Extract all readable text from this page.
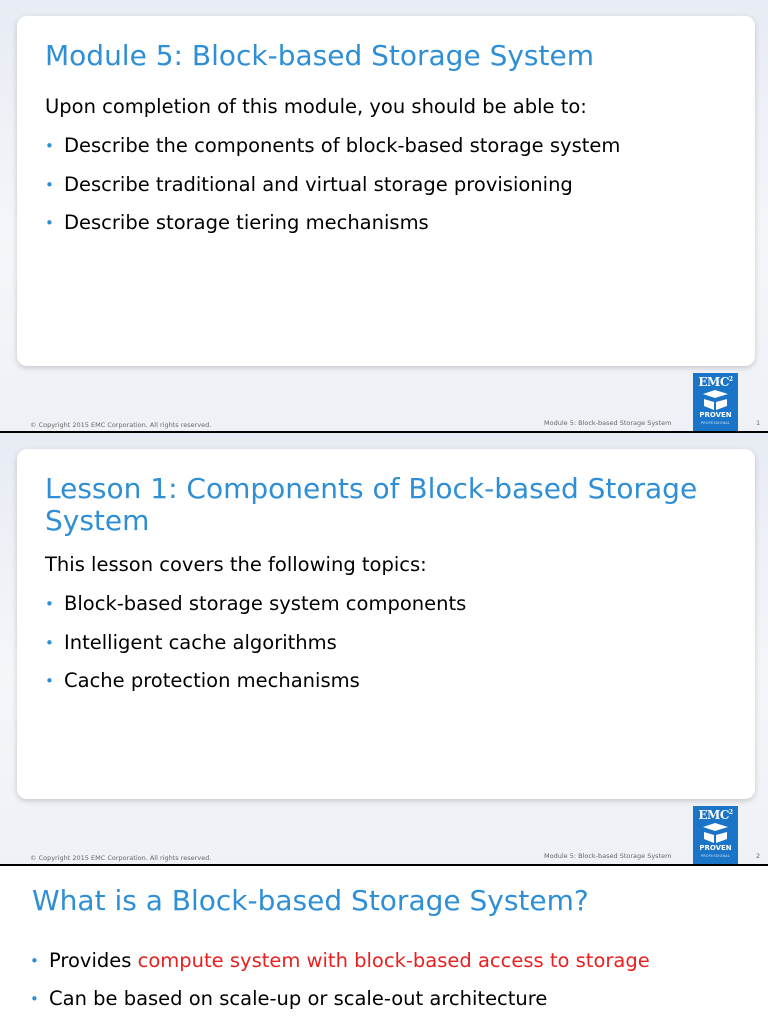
Module 5: Block-based Storage System

Upon completion of this module, you should be able to:

• Describe the components of block-based storage system
• Describe traditional and virtual storage provisioning
• Describe storage tiering mechanisms
© Copyright 2015 EMC Corporation. All rights reserved.	Module 5: Block-based Storage System	1
EMC$^2$
PROVEN
PROFESSIONAL
Lesson 1: Components of Block-based Storage System

This lesson covers the following topics:

• Block-based storage system components
• Intelligent cache algorithms
• Cache protection mechanisms
© Copyright 2015 EMC Corporation. All rights reserved.	Module 5: Block-based Storage System	2
EMC$^2$
PROVEN
PROFESSIONAL
What is a Block-based Storage System?
• Provides compute system with block-based access to storage
• Can be based on scale-up or scale-out architecture
